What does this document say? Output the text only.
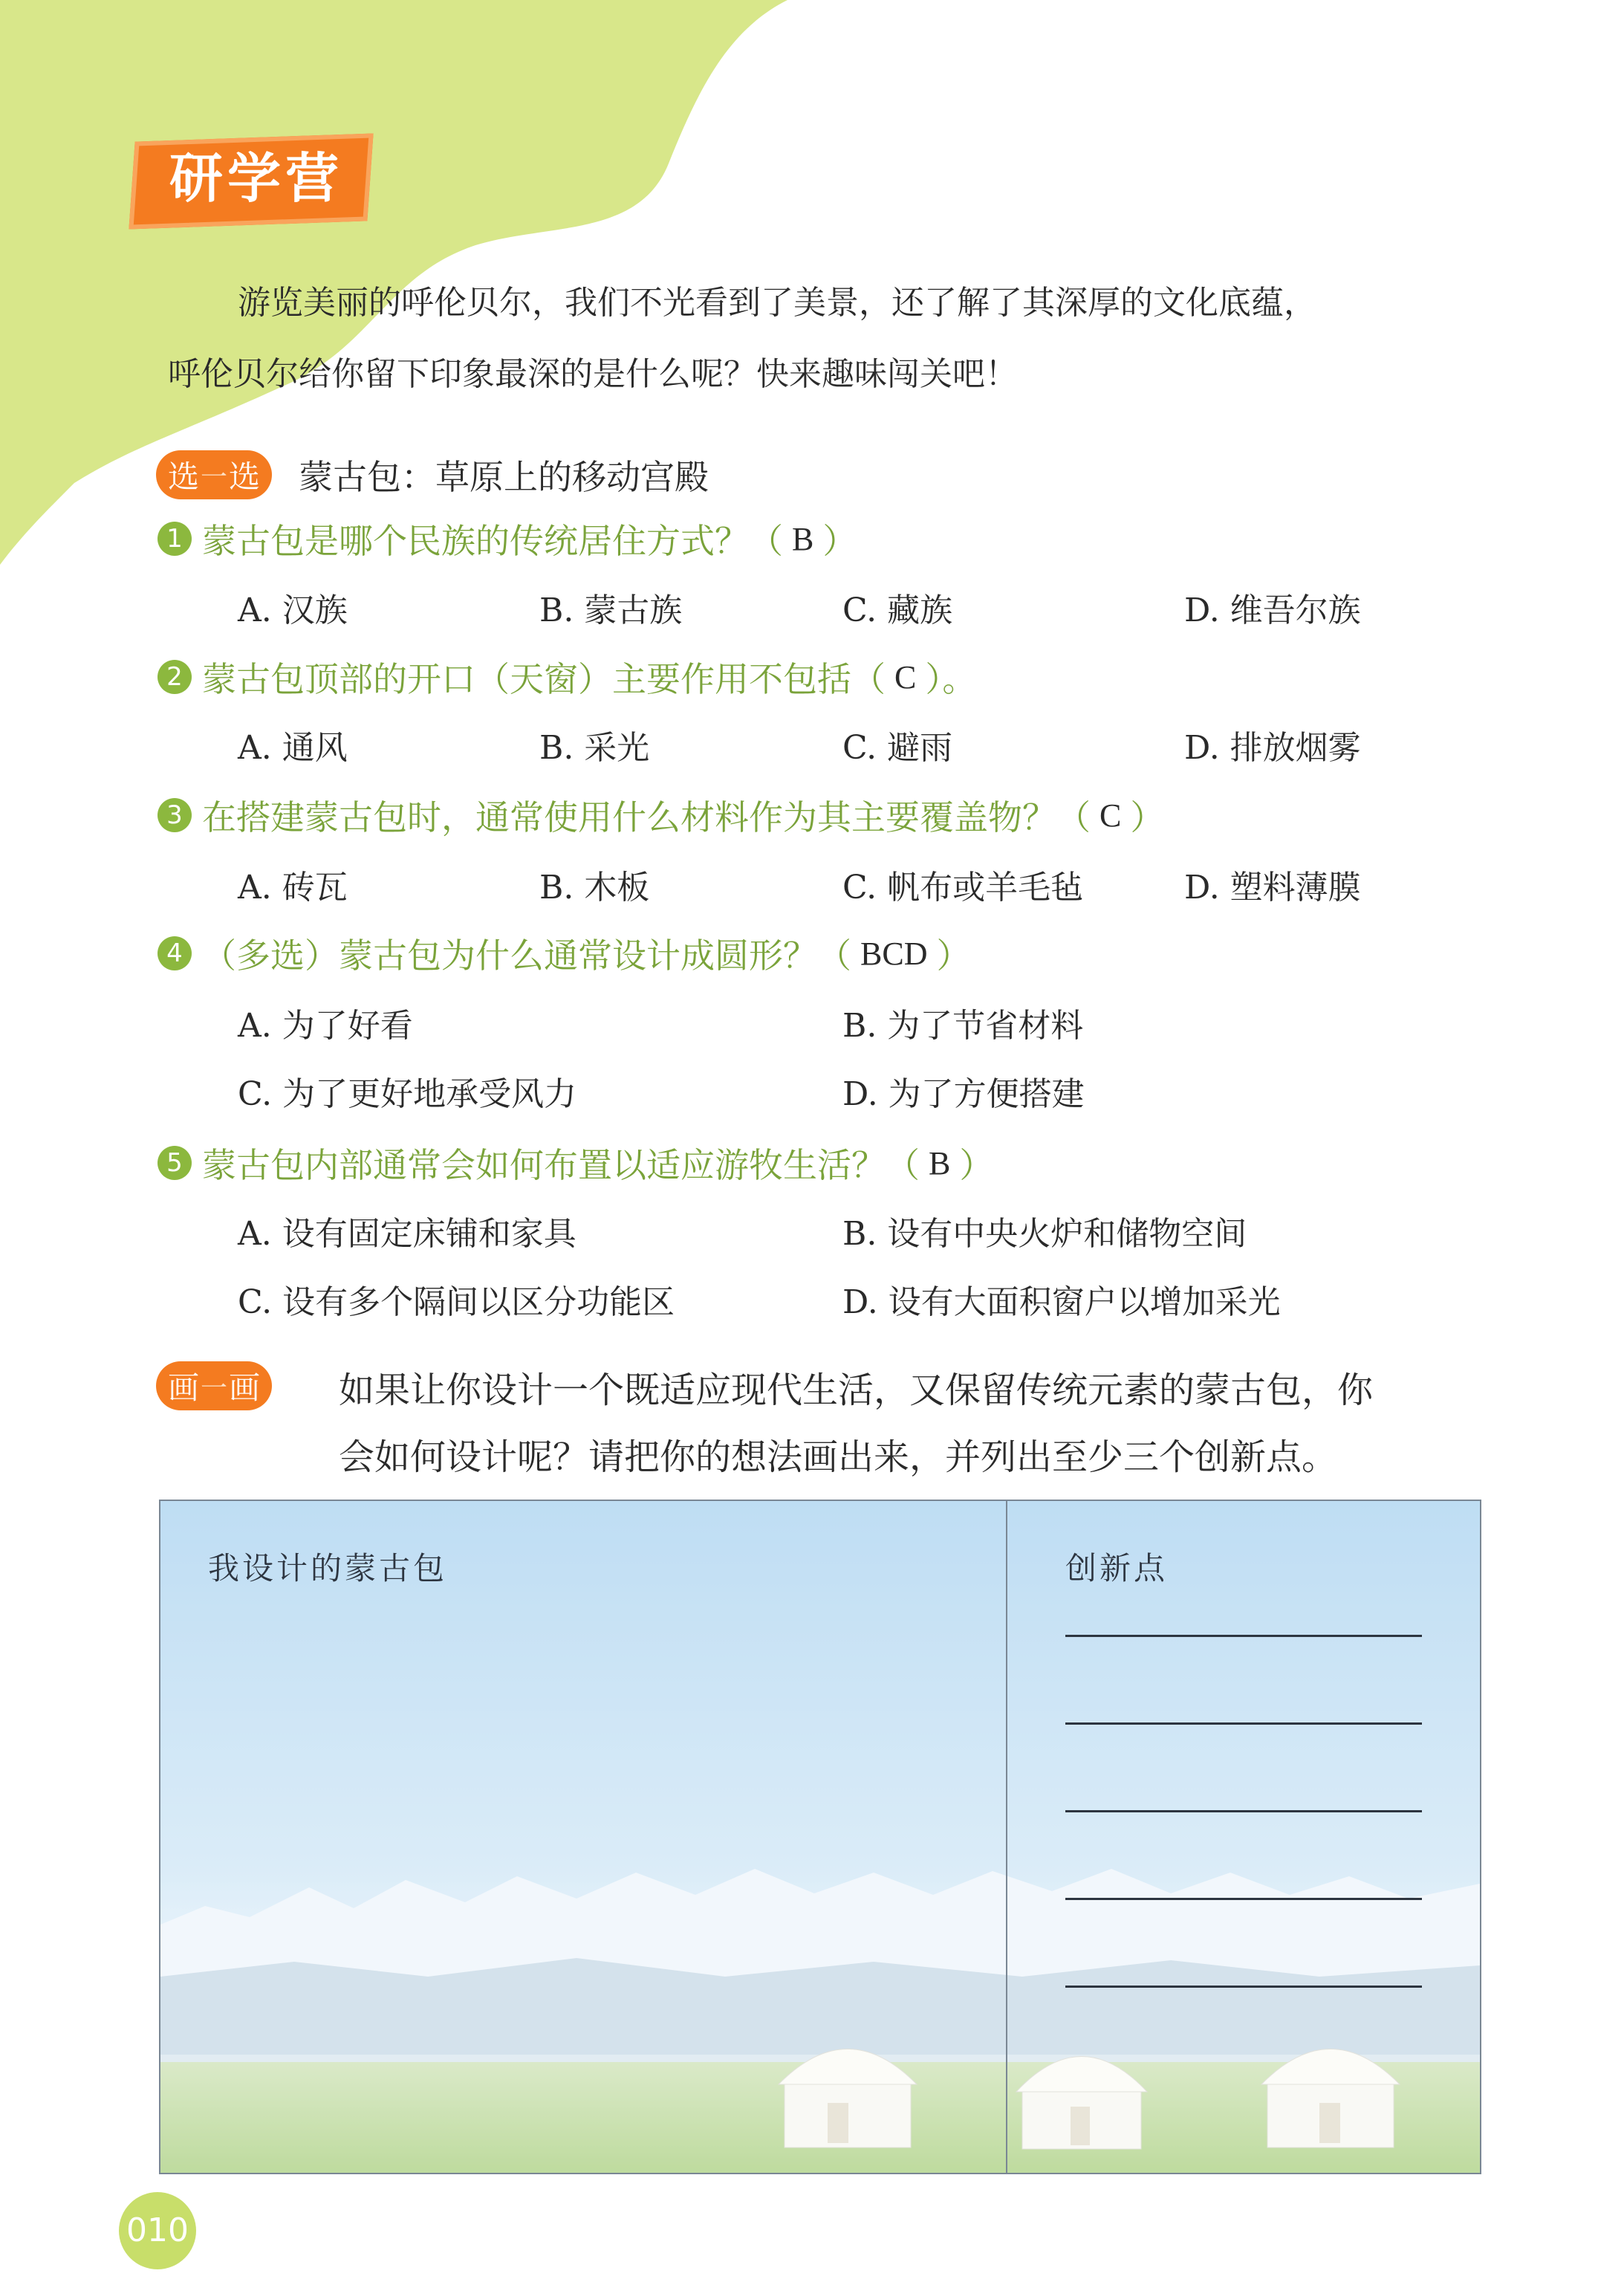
研学营
游览美丽的呼伦贝尔，我们不光看到了美景，还了解了其深厚的文化底蕴，
呼伦贝尔给你留下印象最深的是什么呢？快来趣味闯关吧！
选 一 选 蒙古包：草原上的移动宫殿
1 蒙古包是哪个民族的传统居住方式？（ B ）
A. 汉族	B. 蒙古族	C. 藏族	D. 维吾尔族
2 蒙古包顶部的开口（天窗）主要作用不包括（ C ）。
A. 通风	B. 采光	C. 避雨	D. 排放烟雾
3 在搭建蒙古包时，通常使用什么材料作为其主要覆盖物？（ C ）
A. 砖瓦	B. 木板	C. 帆布或羊毛毡	D. 塑料薄膜
4 （多选）蒙古包为什么通常设计成圆形？（ BCD ）
A. 为了好看	B. 为了节省材料
C. 为了更好地承受风力	D. 为了方便搭建
5 蒙古包内部通常会如何布置以适应游牧生活？（ B ）
A. 设有固定床铺和家具	B. 设有中央火炉和储物空间
C. 设有多个隔间以区分功能区	D. 设有大面积窗户以增加采光
画 一 画 如果让你设计一个既适应现代生活，又保留传统元素的蒙古包，你
会如何设计呢？请把你的想法画出来，并列出至少三个创新点。
我设计的蒙古包	创新点
010
